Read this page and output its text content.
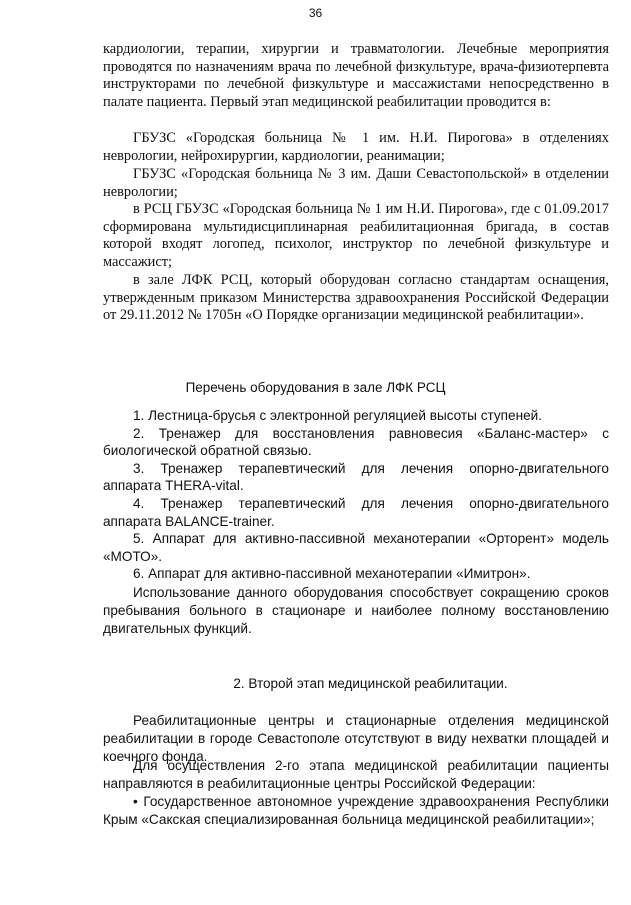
36
кардиологии, терапии, хирургии и травматологии. Лечебные мероприятия проводятся по назначениям врача по лечебной физкультуре, врача-физиотерпевта инструкторами по лечебной физкультуре и массажистами непосредственно в палате пациента. Первый этап медицинской реабилитации проводится в:
ГБУЗС «Городская больница № 1 им. Н.И. Пирогова» в отделениях неврологии, нейрохирургии, кардиологии, реанимации;
ГБУЗС «Городская больница № 3 им. Даши Севастопольской» в отделении неврологии;
в РСЦ ГБУЗС «Городская больница № 1 им Н.И. Пирогова», где с 01.09.2017 сформирована мультидисциплинарная реабилитационная бригада, в состав которой входят логопед, психолог, инструктор по лечебной физкультуре и массажист;
в зале ЛФК РСЦ, который оборудован согласно стандартам оснащения, утвержденным приказом Министерства здравоохранения Российской Федерации от 29.11.2012 № 1705н «О Порядке организации медицинской реабилитации».
Перечень оборудования в зале ЛФК РСЦ

1. Лестница-брусья с электронной регуляцией высоты ступеней.

2. Тренажер для восстановления равновесия «Баланс-мастер» с биологической обратной связью.

3. Тренажер терапевтический для лечения опорно-двигательного аппарата THERA-vital.

4. Тренажер терапевтический для лечения опорно-двигательного аппарата BALANCE-trainer.

5. Аппарат для активно-пассивной механотерапии «Орторент» модель «МОТО».

6. Аппарат для активно-пассивной механотерапии «Имитрон».

Использование данного оборудования способствует сокращению сроков пребывания больного в стационаре и наиболее полному восстановлению двигательных функций.
2. Второй этап медицинской реабилитации.
Реабилитационные центры и стационарные отделения медицинской реабилитации в городе Севастополе отсутствуют в виду нехватки площадей и коечного фонда.
Для осуществления 2-го этапа медицинской реабилитации пациенты направляются в реабилитационные центры Российской Федерации:
• Государственное автономное учреждение здравоохранения Республики Крым «Сакская специализированная больница медицинской реабилитации»;
